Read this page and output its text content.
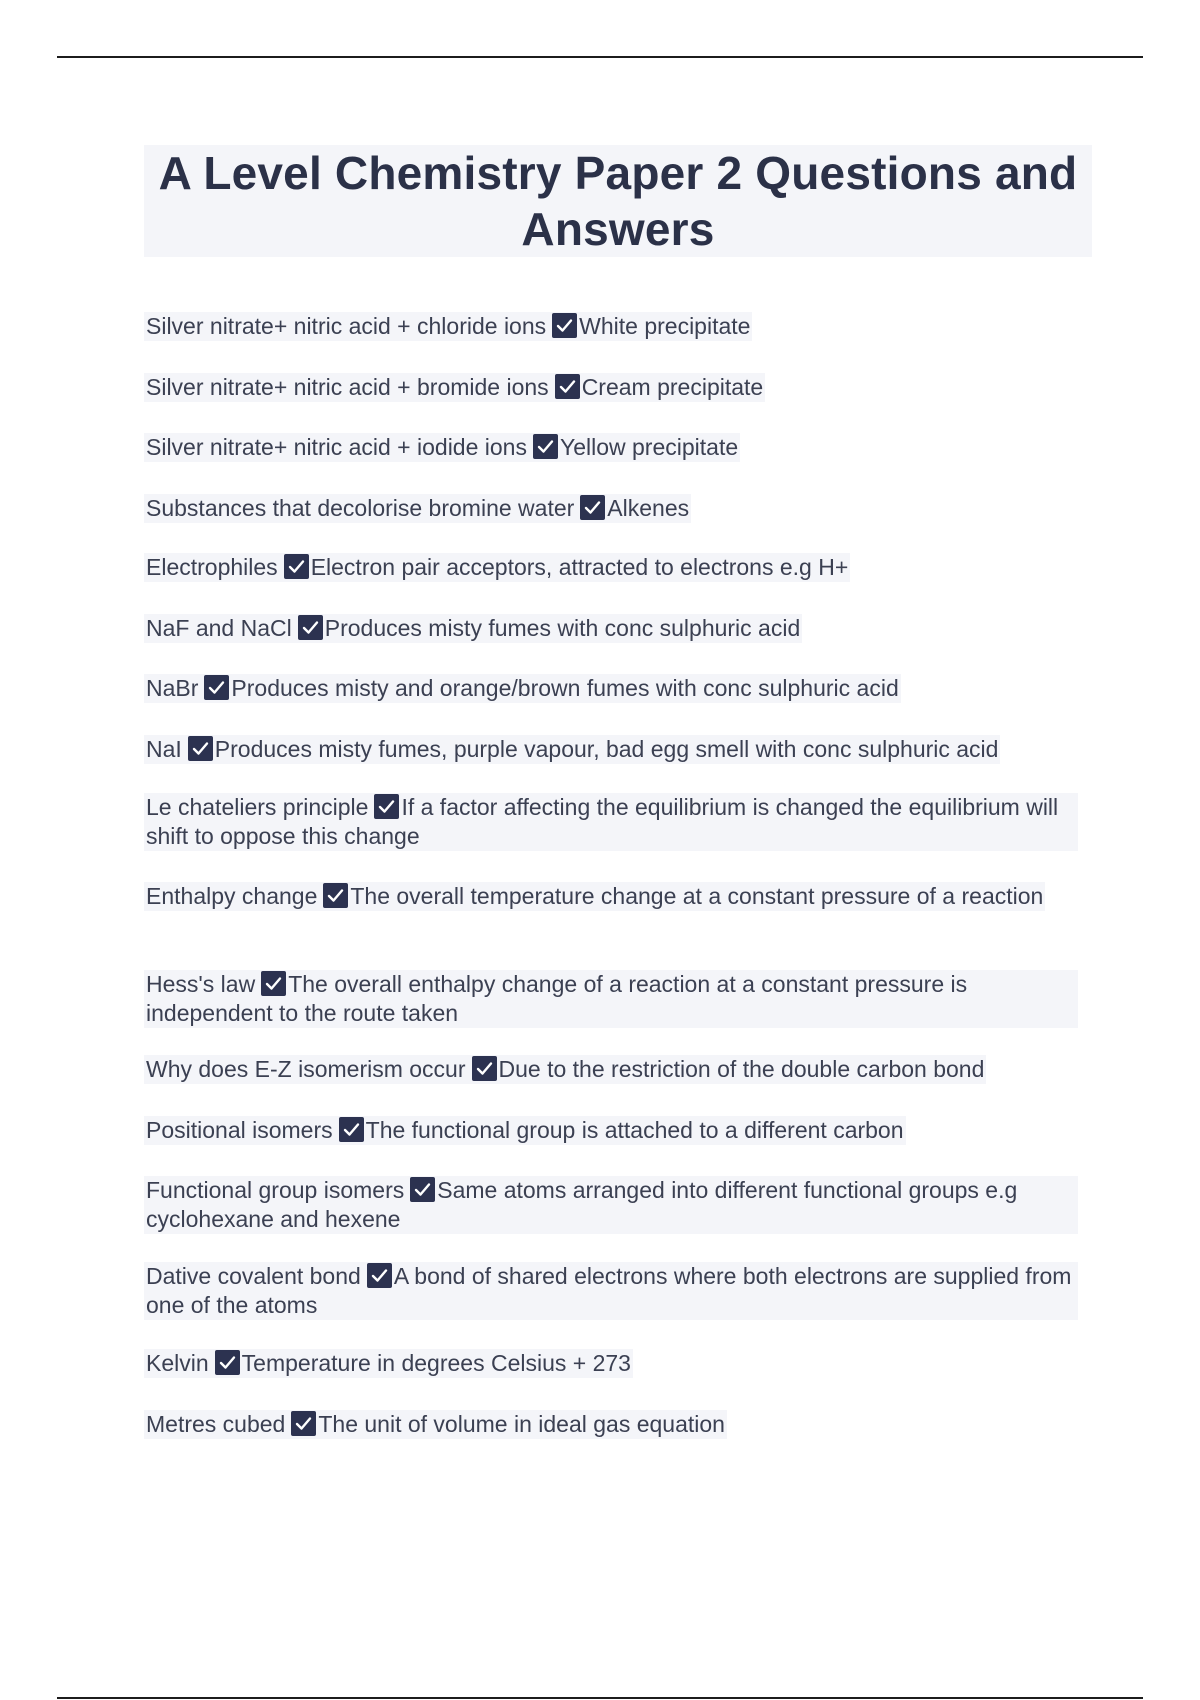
A Level Chemistry Paper 2 Questions and Answers
Silver nitrate+ nitric acid + chloride ions White precipitate
Silver nitrate+ nitric acid + bromide ions Cream precipitate
Silver nitrate+ nitric acid + iodide ions Yellow precipitate
Substances that decolorise bromine water Alkenes
Electrophiles Electron pair acceptors, attracted to electrons e.g H+
NaF and NaCl Produces misty fumes with conc sulphuric acid
NaBr Produces misty and orange/brown fumes with conc sulphuric acid
NaI Produces misty fumes, purple vapour, bad egg smell with conc sulphuric acid
Le chateliers principle If a factor affecting the equilibrium is changed the equilibrium will shift to oppose this change
Enthalpy change The overall temperature change at a constant pressure of a reaction
Hess's law The overall enthalpy change of a reaction at a constant pressure is independent to the route taken
Why does E-Z isomerism occur Due to the restriction of the double carbon bond
Positional isomers The functional group is attached to a different carbon
Functional group isomers Same atoms arranged into different functional groups e.g cyclohexane and hexene
Dative covalent bond A bond of shared electrons where both electrons are supplied from one of the atoms
Kelvin Temperature in degrees Celsius + 273
Metres cubed The unit of volume in ideal gas equation
